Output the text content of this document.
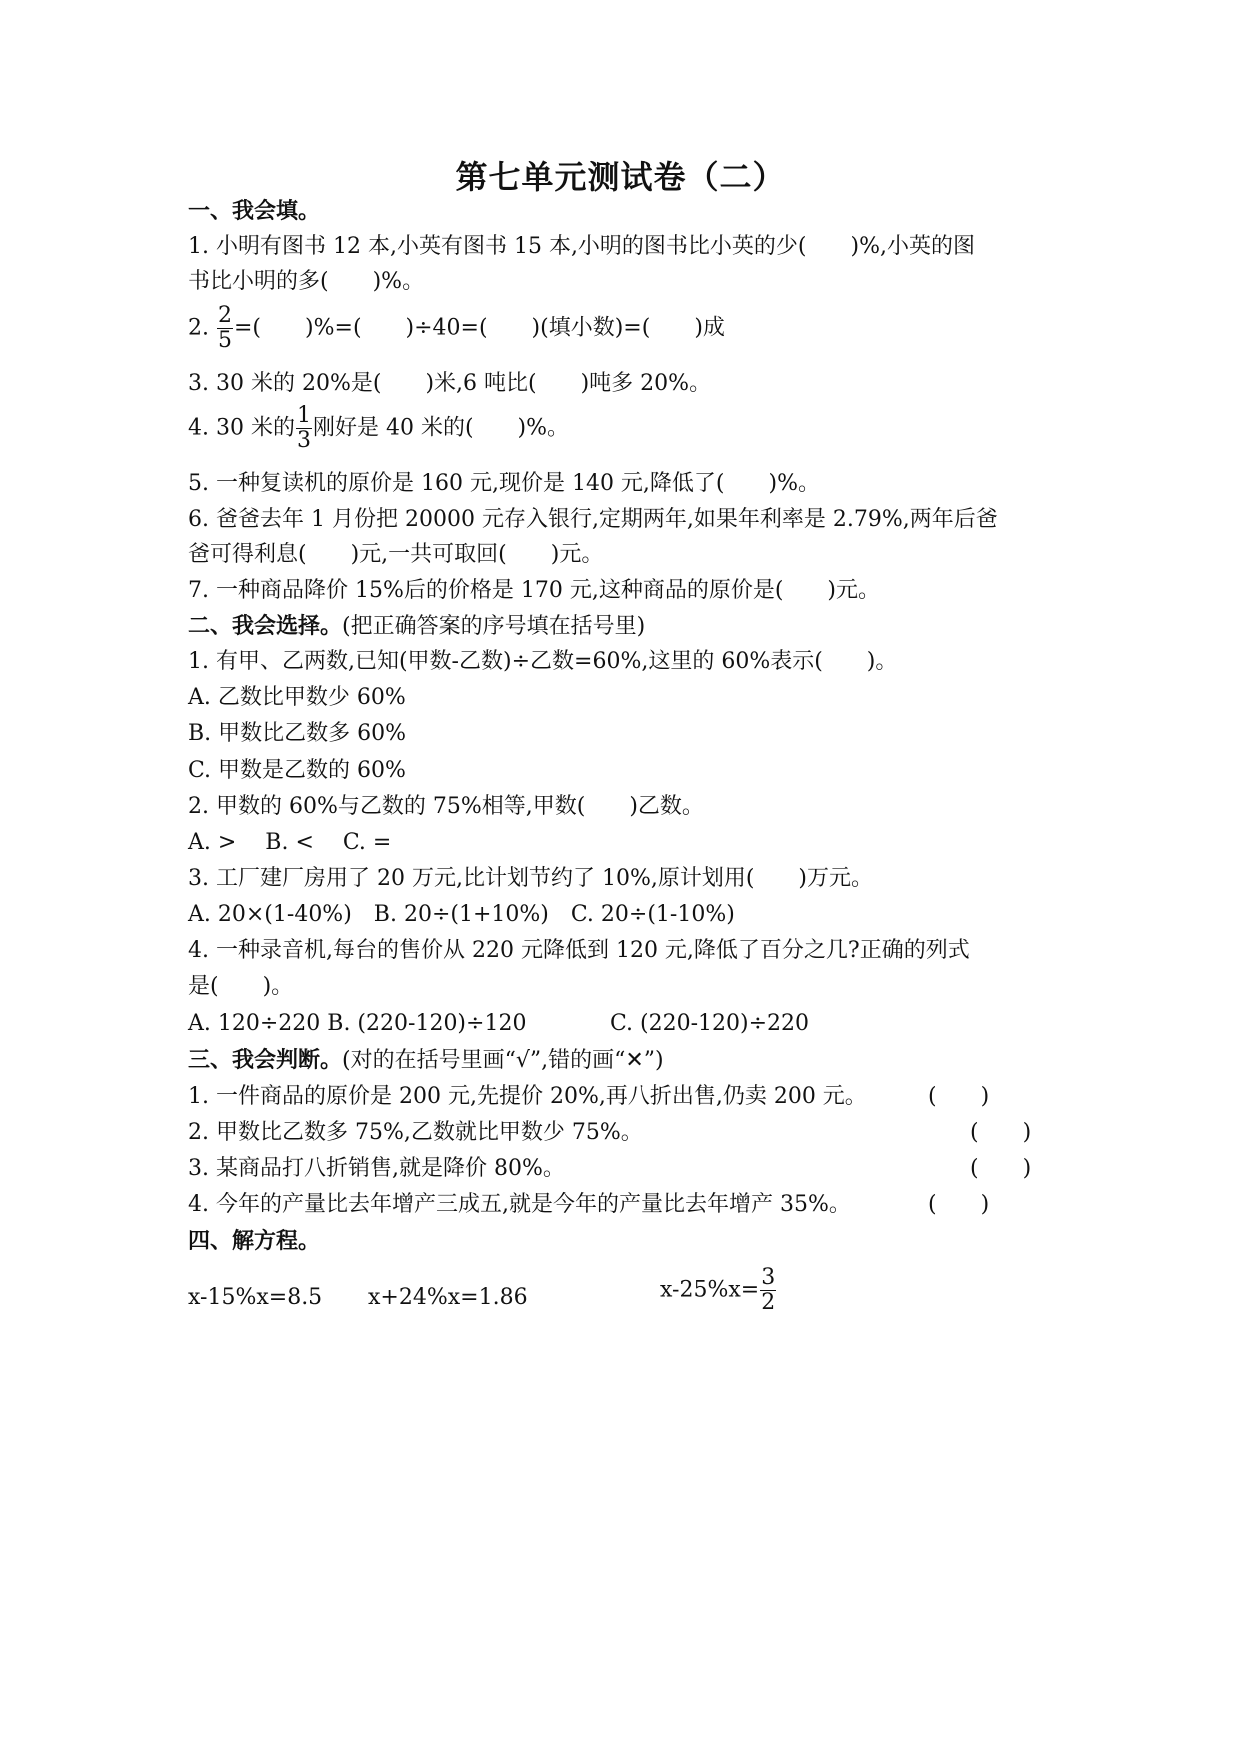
第七单元测试卷（二）
一、我会填。
1. 小明有图书 12 本,小英有图书 15 本,小明的图书比小英的少(　　)%,小英的图
书比小明的多(　　)%。
2. $\frac{2}{5}$ =(　　)%=(　　)÷40=(　　)(填小数)=(　　)成
3. 30 米的 20%是(　　)米,6 吨比(　　)吨多 20%。
4. 30 米的 $\frac{1}{3}$ 刚好是 40 米的(　　)%。
5. 一种复读机的原价是 160 元,现价是 140 元,降低了(　　)%。
6. 爸爸去年 1 月份把 20000 元存入银行,定期两年,如果年利率是 2.79%,两年后爸
爸可得利息(　　)元,一共可取回(　　)元。
7. 一种商品降价 15%后的价格是 170 元,这种商品的原价是(　　)元。
二、我会选择。(把正确答案的序号填在括号里)
1. 有甲、乙两数,已知(甲数-乙数)÷乙数=60%,这里的 60%表示(　　)。
A. 乙数比甲数少 60%
B. 甲数比乙数多 60%
C. 甲数是乙数的 60%
2. 甲数的 60%与乙数的 75%相等,甲数(　　)乙数。
A. >　 B. <　 C. =
3. 工厂建厂房用了 20 万元,比计划节约了 10%,原计划用(　　)万元。
A. 20×(1-40%)　B. 20÷(1+10%)　C. 20÷(1-10%)
4. 一种录音机,每台的售价从 220 元降低到 120 元,降低了百分之几?正确的列式
是(　　)。
A. 120÷220 B. (220-120)÷120	C. (220-120)÷220
三、我会判断。(对的在括号里画“√”,错的画“✕”)
1. 一件商品的原价是 200 元,先提价 20%,再八折出售,仍卖 200 元。	(　　)
2. 甲数比乙数多 75%,乙数就比甲数少 75%。	(　　)
3. 某商品打八折销售,就是降价 80%。	(　　)
4. 今年的产量比去年增产三成五,就是今年的产量比去年增产 35%。	(　　)
四、解方程。
x-15%x=8.5 x+24%x=1.86	$x-25\%x= \frac{3}{2}$
